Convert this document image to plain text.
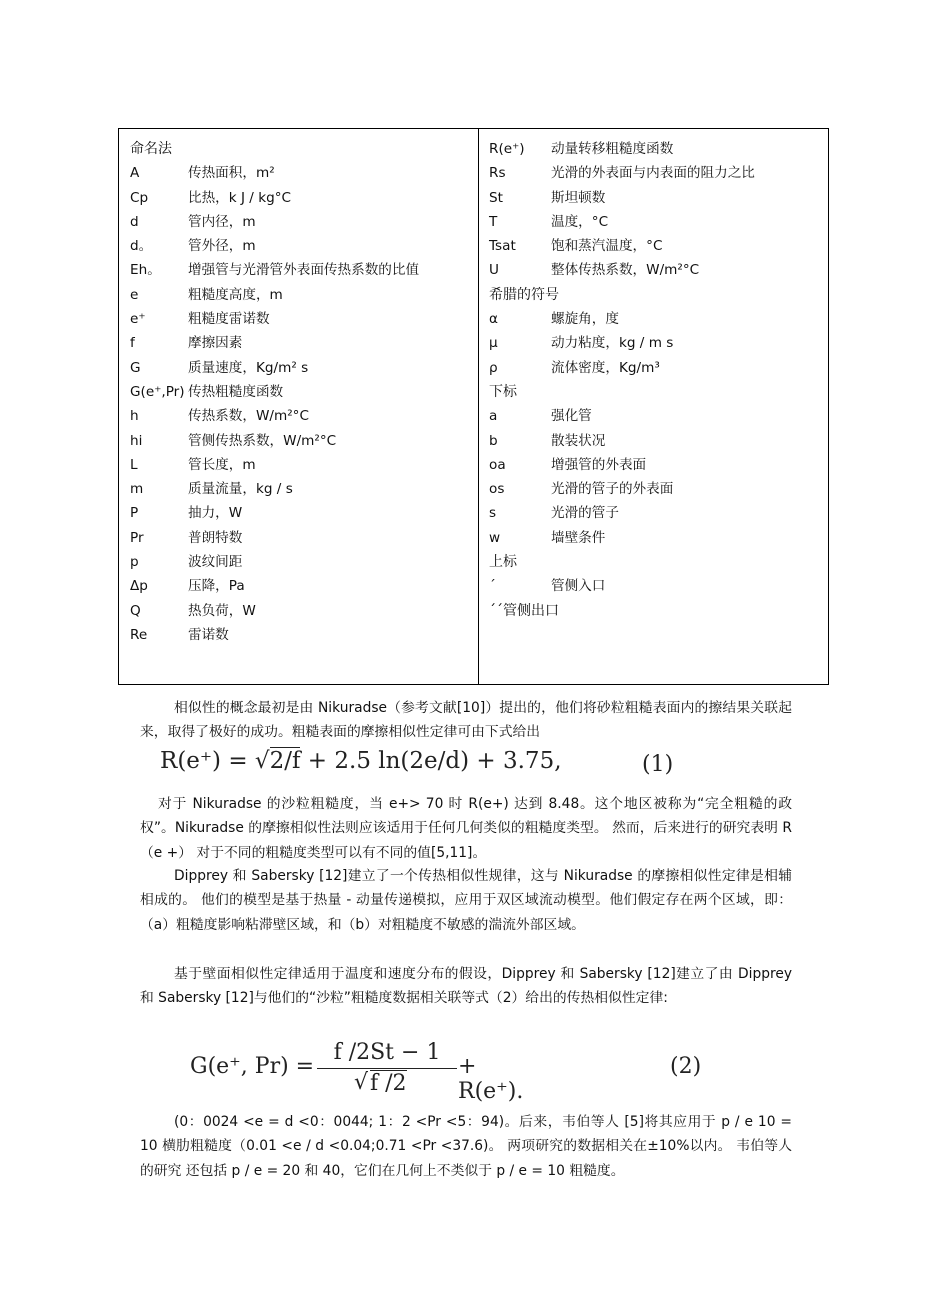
命名法
A	传热面积，m²
Cp	比热，k J / kg°C
d	管内径，m
d。	管外径，m
Eh。 增强管与光滑管外表面传热系数的比值
e	粗糙度高度，m
e⁺	粗糙度雷诺数
f	摩擦因素
G	质量速度，Kg/m² s
G(e⁺,Pr) 传热粗糙度函数
h	传热系数，W/m²°C
hi	管侧传热系数，W/m²°C
L	管长度，m
m	质量流量，kg / s
P	抽力，W
Pr	普朗特数
p	波纹间距
Δp	压降，Pa
Q	热负荷，W
Re	雷诺数
R(e⁺) 动量转移粗糙度函数
Rs	光滑的外表面与内表面的阻力之比
St	斯坦顿数
T	温度，°C
Tsat	饱和蒸汽温度，°C
U	整体传热系数，W/m²°C
希腊的符号
α	螺旋角，度
μ	动力粘度，kg / m s
ρ	流体密度，Kg/m³
下标
a	强化管
b	散装状况
oa	增强管的外表面
os	光滑的管子的外表面
s	光滑的管子
w	墙壁条件
上标
´	管侧入口
´´管侧出口
相似性的概念最初是由 Nikuradse（参考文献[10]）提出的，他们将砂粒粗糙表面内的擦结果关联起来，取得了极好的成功。粗糙表面的摩擦相似性定律可由下式给出
R(e⁺) = √2/f + 2.5 ln(2e/d) + 3.75,	(1)
对于 Nikuradse 的沙粒粗糙度，当 e+> 70 时 R(e+) 达到 8.48。这个地区被称为“完全粗糙的政权”。Nikuradse 的摩擦相似性法则应该适用于任何几何类似的粗糙度类型。 然而，后来进行的研究表明 R（e +） 对于不同的粗糙度类型可以有不同的值[5,11]。
Dipprey 和 Sabersky [12]建立了一个传热相似性规律，这与 Nikuradse 的摩擦相似性定律是相辅相成的。 他们的模型是基于热量 - 动量传递模拟，应用于双区域流动模型。他们假定存在两个区域，即：（a）粗糙度影响粘滞壁区域，和（b）对粗糙度不敏感的湍流外部区域。
基于壁面相似性定律适用于温度和速度分布的假设，Dipprey 和 Sabersky [12]建立了由 Dipprey 和 Sabersky [12]与他们的“沙粒”粗糙度数据相关联等式（2）给出的传热相似性定律:
G(e⁺, Pr) =
f /2St − 1
√ f /2
+ R(e⁺).
(2)
(0：0024 <e = d <0：0044; 1：2 <Pr <5：94)。后来，韦伯等人 [5]将其应用于 p / e 10 = 10 横肋粗糙度（0.01 <e / d <0.04;0.71 <Pr <37.6)。 两项研究的数据相关在±10%以内。 韦伯等人的研究 还包括 p / e = 20 和 40，它们在几何上不类似于 p / e = 10 粗糙度。
